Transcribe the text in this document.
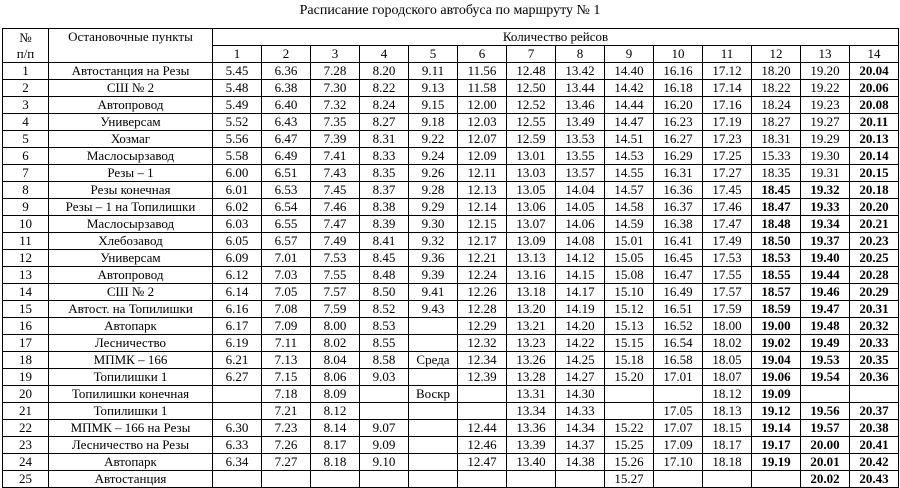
Расписание городского автобуса по маршруту № 1
№
п/п	Остановочные пункты	Количество рейсов													
		1	2	3	4	5	6	7	8	9	10	11	12	13	14
1	Автостанция на Резы	5.45	6.36	7.28	8.20	9.11	11.56	12.48	13.42	14.40	16.16	17.12	18.20	19.20	20.04
2	СШ № 2	5.48	6.38	7.30	8.22	9.13	11.58	12.50	13.44	14.42	16.18	17.14	18.22	19.22	20.06
3	Автопровод	5.49	6.40	7.32	8.24	9.15	12.00	12.52	13.46	14.44	16.20	17.16	18.24	19.23	20.08
4	Универсам	5.52	6.43	7.35	8.27	9.18	12.03	12.55	13.49	14.47	16.23	17.19	18.27	19.27	20.11
5	Хозмаг	5.56	6.47	7.39	8.31	9.22	12.07	12.59	13.53	14.51	16.27	17.23	18.31	19.29	20.13
6	Маслосырзавод	5.58	6.49	7.41	8.33	9.24	12.09	13.01	13.55	14.53	16.29	17.25	15.33	19.30	20.14
7	Резы – 1	6.00	6.51	7.43	8.35	9.26	12.11	13.03	13.57	14.55	16.31	17.27	18.35	19.31	20.15
8	Резы конечная	6.01	6.53	7.45	8.37	9.28	12.13	13.05	14.04	14.57	16.36	17.45	18.45	19.32	20.18
9	Резы – 1 на Топилишки	6.02	6.54	7.46	8.38	9.29	12.14	13.06	14.05	14.58	16.37	17.46	18.47	19.33	20.20
10	Маслосырзавод	6.03	6.55	7.47	8.39	9.30	12.15	13.07	14.06	14.59	16.38	17.47	18.48	19.34	20.21
11	Хлебозавод	6.05	6.57	7.49	8.41	9.32	12.17	13.09	14.08	15.01	16.41	17.49	18.50	19.37	20.23
12	Универсам	6.09	7.01	7.53	8.45	9.36	12.21	13.13	14.12	15.05	16.45	17.53	18.53	19.40	20.25
13	Автопровод	6.12	7.03	7.55	8.48	9.39	12.24	13.16	14.15	15.08	16.47	17.55	18.55	19.44	20.28
14	СШ № 2	6.14	7.05	7.57	8.50	9.41	12.26	13.18	14.17	15.10	16.49	17.57	18.57	19.46	20.29
15	Автост. на Топилишки	6.16	7.08	7.59	8.52	9.43	12.28	13.20	14.19	15.12	16.51	17.59	18.59	19.47	20.31
16	Автопарк	6.17	7.09	8.00	8.53		12.29	13.21	14.20	15.13	16.52	18.00	19.00	19.48	20.32
17	Лесничество	6.19	7.11	8.02	8.55		12.32	13.23	14.22	15.15	16.54	18.02	19.02	19.49	20.33
18	МПМК – 166	6.21	7.13	8.04	8.58	Среда	12.34	13.26	14.25	15.18	16.58	18.05	19.04	19.53	20.35
19	Топилишки 1	6.27	7.15	8.06	9.03		12.39	13.28	14.27	15.20	17.01	18.07	19.06	19.54	20.36
20	Топилишки конечная		7.18	8.09		Воскр		13.31	14.30			18.12	19.09		
21	Топилишки 1		7.21	8.12				13.34	14.33		17.05	18.13	19.12	19.56	20.37
22	МПМК – 166 на Резы	6.30	7.23	8.14	9.07		12.44	13.36	14.34	15.22	17.07	18.15	19.14	19.57	20.38
23	Лесничество на Резы	6.33	7.26	8.17	9.09		12.46	13.39	14.37	15.25	17.09	18.17	19.17	20.00	20.41
24	Автопарк	6.34	7.27	8.18	9.10		12.47	13.40	14.38	15.26	17.10	18.18	19.19	20.01	20.42
25	Автостанция									15.27				20.02	20.43
